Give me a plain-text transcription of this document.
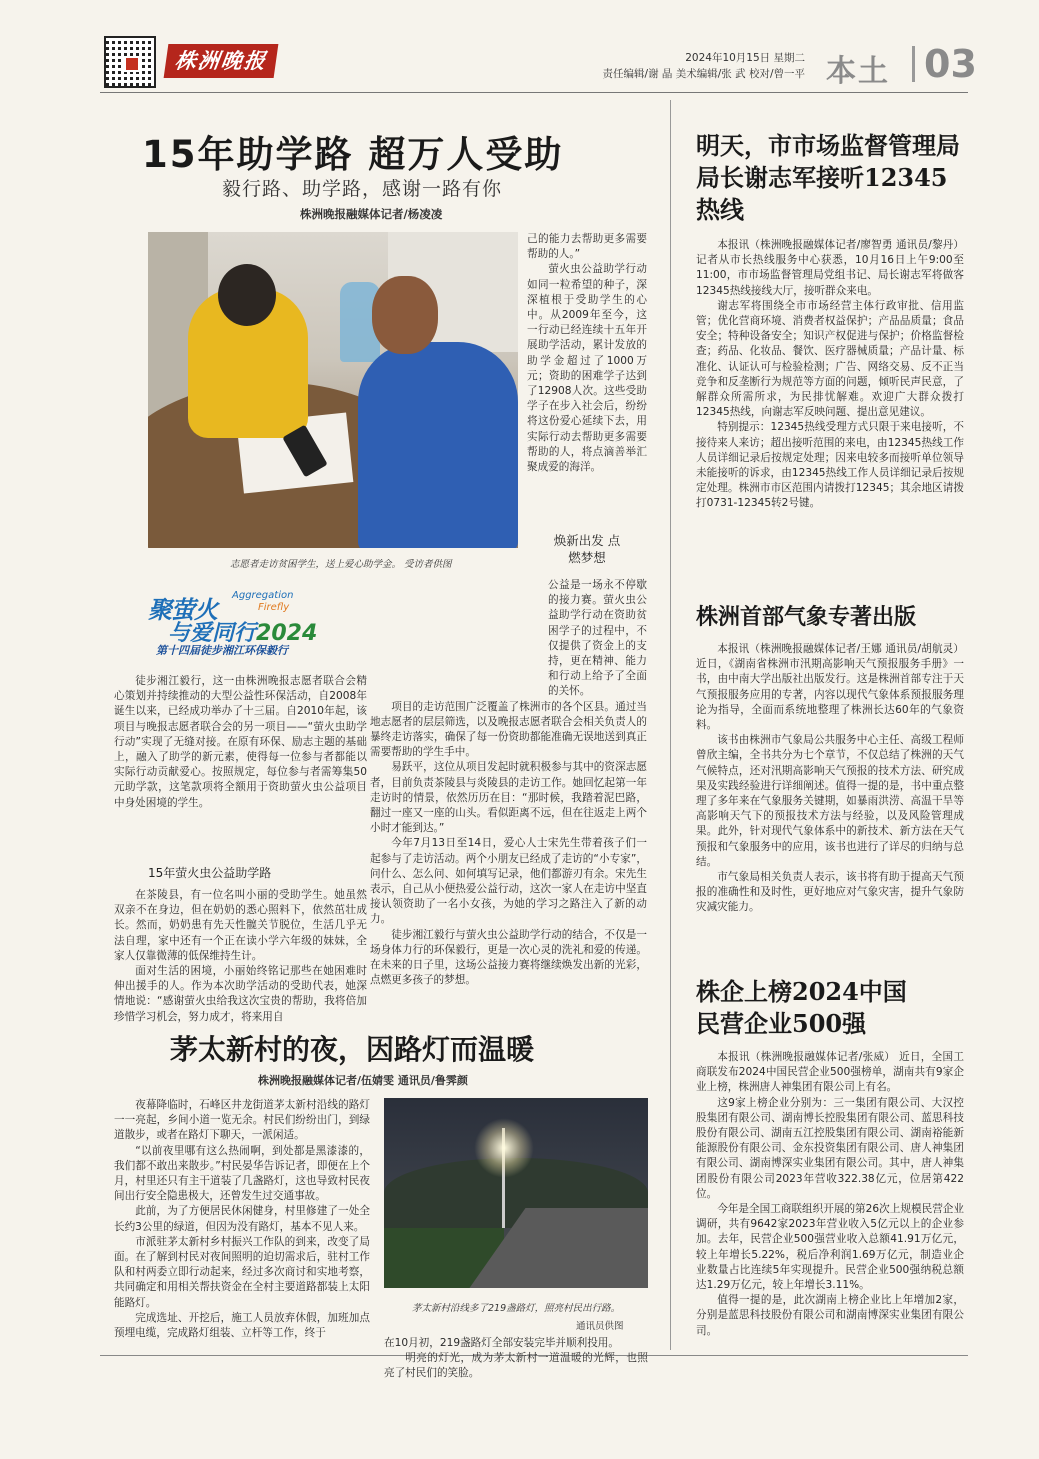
株洲晚报	2024年10月15日 星期二
责任编辑/谢 晶 美术编辑/张 武 校对/曾一平 本土 03
15年助学路 超万人受助
毅行路、助学路，感谢一路有你
株洲晚报融媒体记者/杨凌凌
志愿者走访贫困学生，送上爱心助学金。 受访者供图
聚萤火
Aggregation
Firefly
与爱同行2024
第十四届徒步湘江环保毅行

徒步湘江毅行，这一由株洲晚报志愿者联合会精心策划并持续推动的大型公益性环保活动，自2008年诞生以来，已经成功举办了十三届。自2010年起，该项目与晚报志愿者联合会的另一项目——“萤火虫助学行动”实现了无缝对接。在原有环保、励志主题的基础上，融入了助学的新元素，使得每一位参与者都能以实际行动贡献爱心。按照规定，每位参与者需筹集50元助学款，这笔款项将全额用于资助萤火虫公益项目中身处困境的学生。

15年萤火虫公益助学路

在茶陵县，有一位名叫小丽的受助学生。她虽然双亲不在身边，但在奶奶的悉心照料下，依然茁壮成长。然而，奶奶患有先天性髋关节脱位，生活几乎无法自理，家中还有一个正在读小学六年级的妹妹，全家人仅靠微薄的低保维持生计。

面对生活的困境，小丽始终铭记那些在她困难时伸出援手的人。作为本次助学活动的受助代表，她深情地说：“感谢萤火虫给我这次宝贵的帮助，我将倍加珍惜学习机会，努力成才，将来用自

己的能力去帮助更多需要帮助的人。”

萤火虫公益助学行动如同一粒希望的种子，深深植根于受助学生的心中。从2009年至今，这一行动已经连续十五年开展助学活动，累计发放的助学金超过了1000万元；资助的困难学子达到了12908人次。这些受助学子在步入社会后，纷纷将这份爱心延续下去，用实际行动去帮助更多需要帮助的人，将点滴善举汇聚成爱的海洋。

焕新出发 点燃梦想

公益是一场永不停歇的接力赛。萤火虫公益助学行动在资助贫困学子的过程中，不仅提供了资金上的支持，更在精神、能力和行动上给予了全面的关怀。

项目的走访范围广泛覆盖了株洲市的各个区县。通过当地志愿者的层层筛选，以及晚报志愿者联合会相关负责人的暴终走访落实，确保了每一份资助都能准确无误地送到真正需要帮助的学生手中。

易跃平，这位从项目发起时就积极参与其中的资深志愿者，目前负责茶陵县与炎陵县的走访工作。她回忆起第一年走访时的情景，依然历历在目：“那时候，我踏着泥巴路，翻过一座又一座的山头。看似距离不远，但在往返走上两个小时才能到达。”

今年7月13日至14日，爱心人士宋先生带着孩子们一起参与了走访活动。两个小朋友已经成了走访的“小专家”，问什么、怎么问、如何填写记录，他们都游刃有余。宋先生表示，自己从小便热爱公益行动，这次一家人在走访中坚直接认领资助了一名小女孩，为她的学习之路注入了新的动力。

徒步湘江毅行与萤火虫公益助学行动的结合，不仅是一场身体力行的环保毅行，更是一次心灵的洗礼和爱的传递。在未来的日子里，这场公益接力赛将继续焕发出新的光彩，点燃更多孩子的梦想。

茅太新村的夜，因路灯而温暖
株洲晚报融媒体记者/伍婧雯 通讯员/鲁霁颜

夜幕降临时，石峰区井龙街道茅太新村沿线的路灯一一亮起，乡间小道一览无余。村民们纷纷出门，到绿道散步，或者在路灯下聊天，一派闲适。

“以前夜里哪有这么热闹啊，到处都是黑漆漆的，我们都不敢出来散步。”村民晏华告诉记者，即便在上个月，村里还只有主干道装了几盏路灯，这也导致村民夜间出行安全隐患极大，还曾发生过交通事故。

此前，为了方便居民休闲健身，村里修建了一处全长约3公里的绿道，但因为没有路灯，基本不见人来。

市派驻茅太新村乡村振兴工作队的到来，改变了局面。在了解到村民对夜间照明的迫切需求后，驻村工作队和村两委立即行动起来，经过多次商讨和实地考察，共同确定和用相关帮扶资金在全村主要道路都装上太阳能路灯。

完成选址、开挖后，施工人员放弃休假，加班加点预埋电缆，完成路灯组装、立杆等工作，终于

茅太新村沿线多了219盏路灯，照亮村民出行路。
通讯员供图

在10月初，219盏路灯全部安装完毕并顺利投用。

明亮的灯光，成为茅太新村一道温暖的光辉，也照亮了村民们的笑脸。

明天，市市场监督管理局局长谢志军接听12345热线

本报讯（株洲晚报融媒体记者/廖智勇 通讯员/黎丹） 记者从市长热线服务中心获悉，10月16日上午9:00至11:00，市市场监督管理局党组书记、局长谢志军将做客12345热线接线大厅，接听群众来电。

谢志军将围绕全市市场经营主体行政审批、信用监管；优化营商环境、消费者权益保护；产品品质量；食品安全；特种设备安全；知识产权促进与保护；价格监督检查；药品、化妆品、餐饮、医疗器械质量；产品计量、标准化、认证认可与检验检测；广告、网络交易、反不正当竞争和反垄断行为规范等方面的问题，倾听民声民意，了解群众所需所求，为民排忧解难。欢迎广大群众拨打12345热线，向谢志军反映问题、提出意见建议。

特别提示：12345热线受理方式只限于来电接听，不接待来人来访；超出接听范围的来电，由12345热线工作人员详细记录后按规定处理；因来电较多而接听单位领导未能接听的诉求，由12345热线工作人员详细记录后按规定处理。株洲市市区范围内请拨打12345；其余地区请拨打0731-12345转2号键。

株洲首部气象专著出版

本报讯（株洲晚报融媒体记者/王娜 通讯员/胡航灵） 近日，《湖南省株洲市汛期高影响天气预报服务手册》一书，由中南大学出版社出版发行。这是株洲首部专注于天气预报服务应用的专著，内容以现代气象体系预报服务理论为指导，全面而系统地整理了株洲长达60年的气象资料。

该书由株洲市气象局公共服务中心主任、高级工程师曾欣主编，全书共分为七个章节，不仅总结了株洲的天气气候特点，还对汛期高影响天气预报的技术方法、研究成果及实践经验进行详细阐述。值得一提的是，书中重点整理了多年来在气象服务关键期，如暴雨洪涝、高温干旱等高影响天气下的预报技术方法与经验，以及风险管理成果。此外，针对现代气象体系中的新技术、新方法在天气预报和气象服务中的应用，该书也进行了详尽的归纳与总结。

市气象局相关负责人表示，该书将有助于提高天气预报的准确性和及时性，更好地应对气象灾害，提升气象防灾减灾能力。

株企上榜2024中国民营企业500强

本报讯（株洲晚报融媒体记者/张威） 近日，全国工商联发布2024中国民营企业500强榜单，湖南共有9家企业上榜，株洲唐人神集团有限公司上有名。

这9家上榜企业分别为：三一集团有限公司、大汉控股集团有限公司、湖南博长控股集团有限公司、蓝思科技股份有限公司、湖南五江控股集团有限公司、湖南裕能新能源股份有限公司、金东投资集团有限公司、唐人神集团有限公司、湖南博深实业集团有限公司。其中，唐人神集团股份有限公司2023年营收322.38亿元，位居第422位。

今年是全国工商联组织开展的第26次上规模民营企业调研，共有9642家2023年营业收入5亿元以上的企业参加。去年，民营企业500强营业收入总额41.91万亿元，较上年增长5.22%，税后净利润1.69万亿元，制造业企业数量占比连续5年实现提升。民营企业500强纳税总额达1.29万亿元，较上年增长3.11%。

值得一提的是，此次湖南上榜企业比上年增加2家，分别是蓝思科技股份有限公司和湖南博深实业集团有限公司。
